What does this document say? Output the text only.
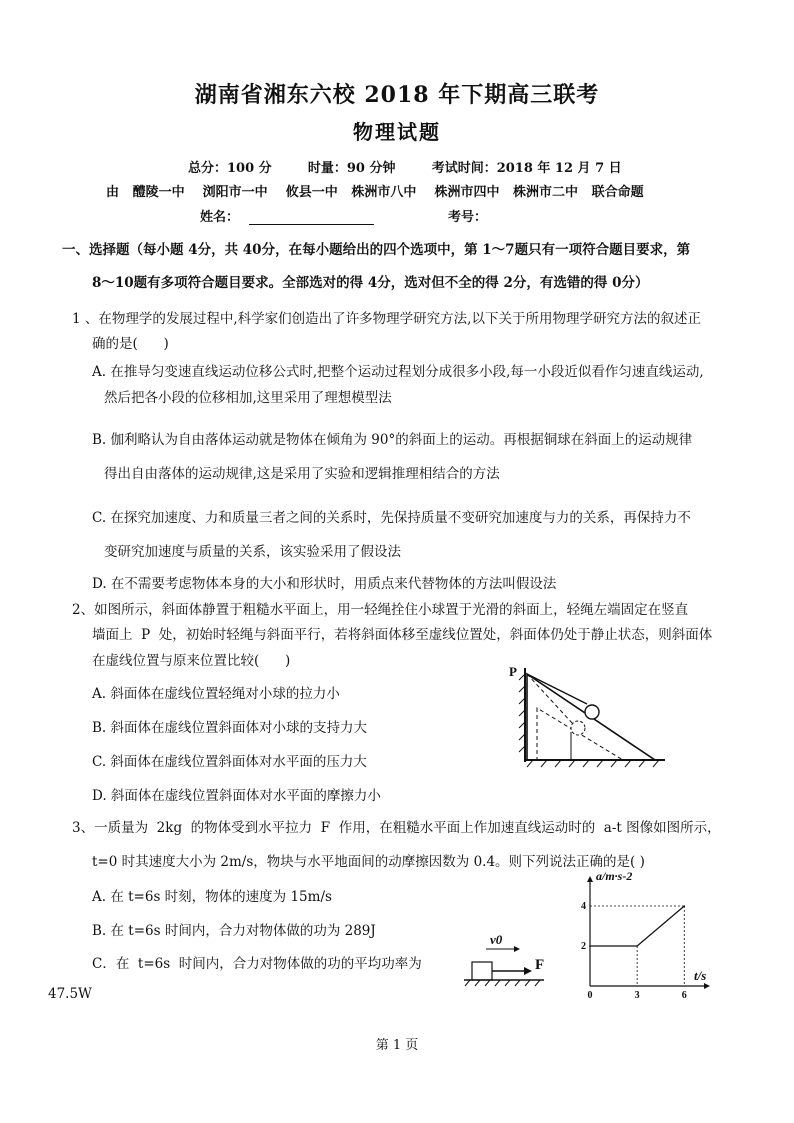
湖南省湘东六校 2018 年下期高三联考
物理试题
总分：100 分        时量：90 分钟        考试时间：2018 年 12 月 7 日
由   醴陵一中    浏阳市一中    攸县一中   株洲市八中    株洲市四中   株洲市二中   联合命题
姓名：	考号：
一、选择题（每小题 4分，共 40分，在每小题给出的四个选项中，第 1～7题只有一项符合题目要求，第
8～10题有多项符合题目要求。全部选对的得 4分，选对但不全的得 2分，有选错的得 0分）
1 、在物理学的发展过程中,科学家们创造出了许多物理学研究方法,以下关于所用物理学研究方法的叙述正
确的是(      )
A. 在推导匀变速直线运动位移公式时,把整个运动过程划分成很多小段,每一小段近似看作匀速直线运动,
然后把各小段的位移相加,这里采用了理想模型法
B. 伽利略认为自由落体运动就是物体在倾角为 90°的斜面上的运动。再根据铜球在斜面上的运动规律
得出自由落体的运动规律,这是采用了实验和逻辑推理相结合的方法
C. 在探究加速度、力和质量三者之间的关系时，先保持质量不变研究加速度与力的关系，再保持力不
变研究加速度与质量的关系，该实验采用了假设法
D. 在不需要考虑物体本身的大小和形状时，用质点来代替物体的方法叫假设法
2、如图所示，斜面体静置于粗糙水平面上，用一轻绳拴住小球置于光滑的斜面上，轻绳左端固定在竖直
墙面上  P  处，初始时轻绳与斜面平行，若将斜面体移至虚线位置处，斜面体仍处于静止状态，则斜面体
在虚线位置与原来位置比较(      )
A. 斜面体在虚线位置轻绳对小球的拉力小
B. 斜面体在虚线位置斜面体对小球的支持力大
C. 斜面体在虚线位置斜面体对水平面的压力大
D. 斜面体在虚线位置斜面体对水平面的摩擦力小
P
3、一质量为  2kg  的物体受到水平拉力  F  作用，在粗糙水平面上作加速直线运动时的  a-t 图像如图所示，
t=0 时其速度大小为 2m/s，物块与水平地面间的动摩擦因数为 0.4。则下列说法正确的是( )
A. 在 t=6s 时刻，物体的速度为 15m/s
B. 在 t=6s 时间内，合力对物体做的功为 289J
C．在  t=6s  时间内，合力对物体做的功的平均功率为
47.5W
v0
F
t/s
a/m·s-2
0	3	6
2
4
第 1 页
